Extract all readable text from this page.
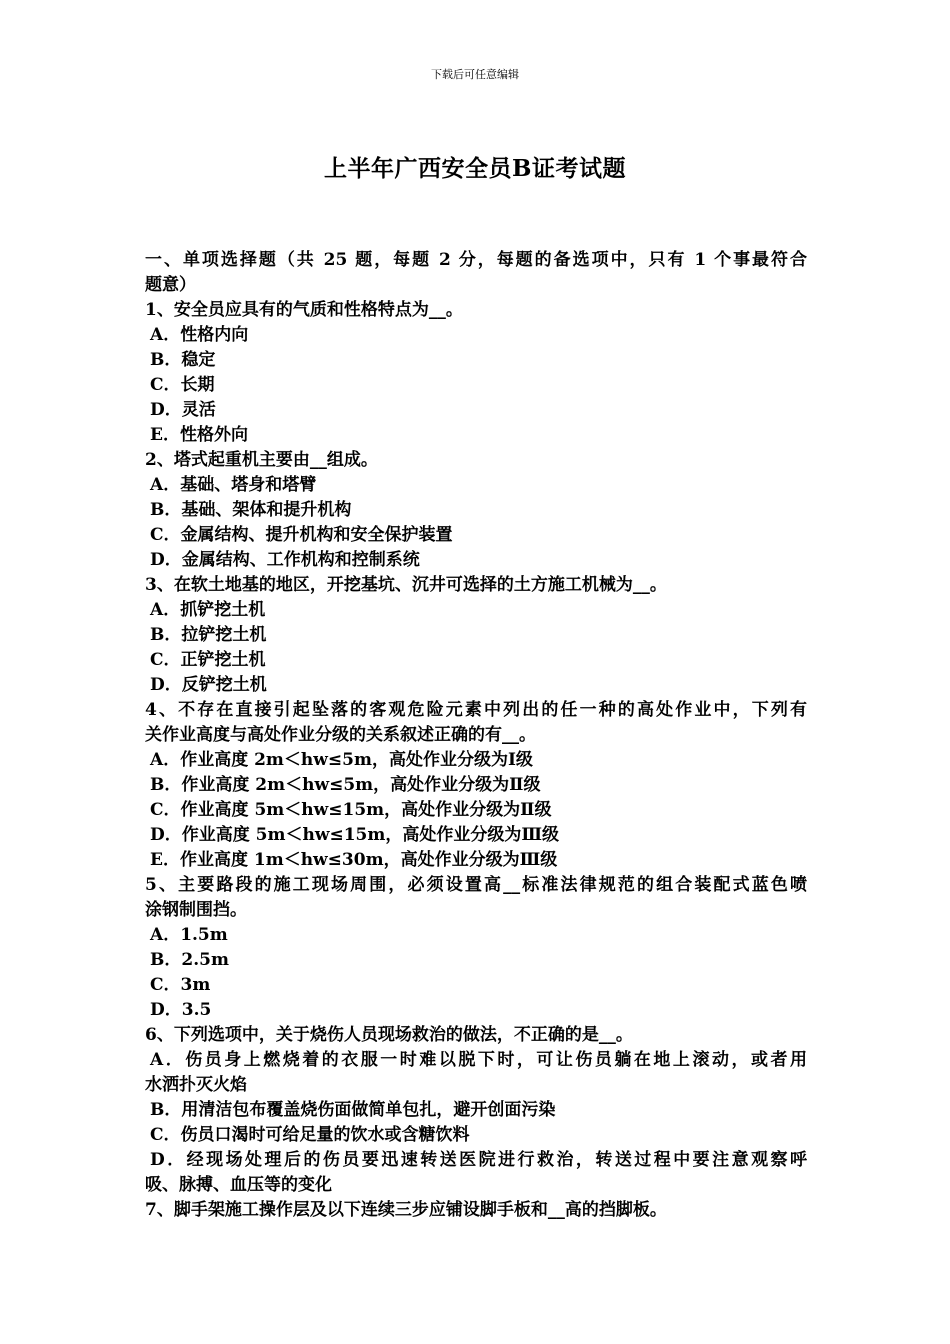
下载后可任意编辑
上半年广西安全员B证考试题
一、单项选择题（共 25 题，每题 2 分，每题的备选项中，只有 1 个事最符合
题意）
1、安全员应具有的气质和性格特点为__。
A．性格内向
B．稳定
C．长期
D．灵活
E．性格外向
2、塔式起重机主要由__组成。
A．基础、塔身和塔臂
B．基础、架体和提升机构
C．金属结构、提升机构和安全保护装置
D．金属结构、工作机构和控制系统
3、在软土地基的地区，开挖基坑、沉井可选择的土方施工机械为__。
A．抓铲挖土机
B．拉铲挖土机
C．正铲挖土机
D．反铲挖土机
4、不存在直接引起坠落的客观危险元素中列出的任一种的高处作业中，下列有
关作业高度与高处作业分级的关系叙述正确的有__。
A．作业高度 2m＜hw≤5m，高处作业分级为Ⅰ级
B．作业高度 2m＜hw≤5m，高处作业分级为Ⅱ级
C．作业高度 5m＜hw≤15m，高处作业分级为Ⅱ级
D．作业高度 5m＜hw≤15m，高处作业分级为Ⅲ级
E．作业高度 1m＜hw≤30m，高处作业分级为Ⅲ级
5、主要路段的施工现场周围，必须设置高__标准法律规范的组合装配式蓝色喷
涂钢制围挡。
A．1.5m
B．2.5m
C．3m
D．3.5
6、下列选项中，关于烧伤人员现场救治的做法，不正确的是__。
A．伤员身上燃烧着的衣服一时难以脱下时，可让伤员躺在地上滚动，或者用
水洒扑灭火焰
B．用清洁包布覆盖烧伤面做简单包扎，避开创面污染
C．伤员口渴时可给足量的饮水或含糖饮料
D．经现场处理后的伤员要迅速转送医院进行救治，转送过程中要注意观察呼
吸、脉搏、血压等的变化
7、脚手架施工操作层及以下连续三步应铺设脚手板和__高的挡脚板。
